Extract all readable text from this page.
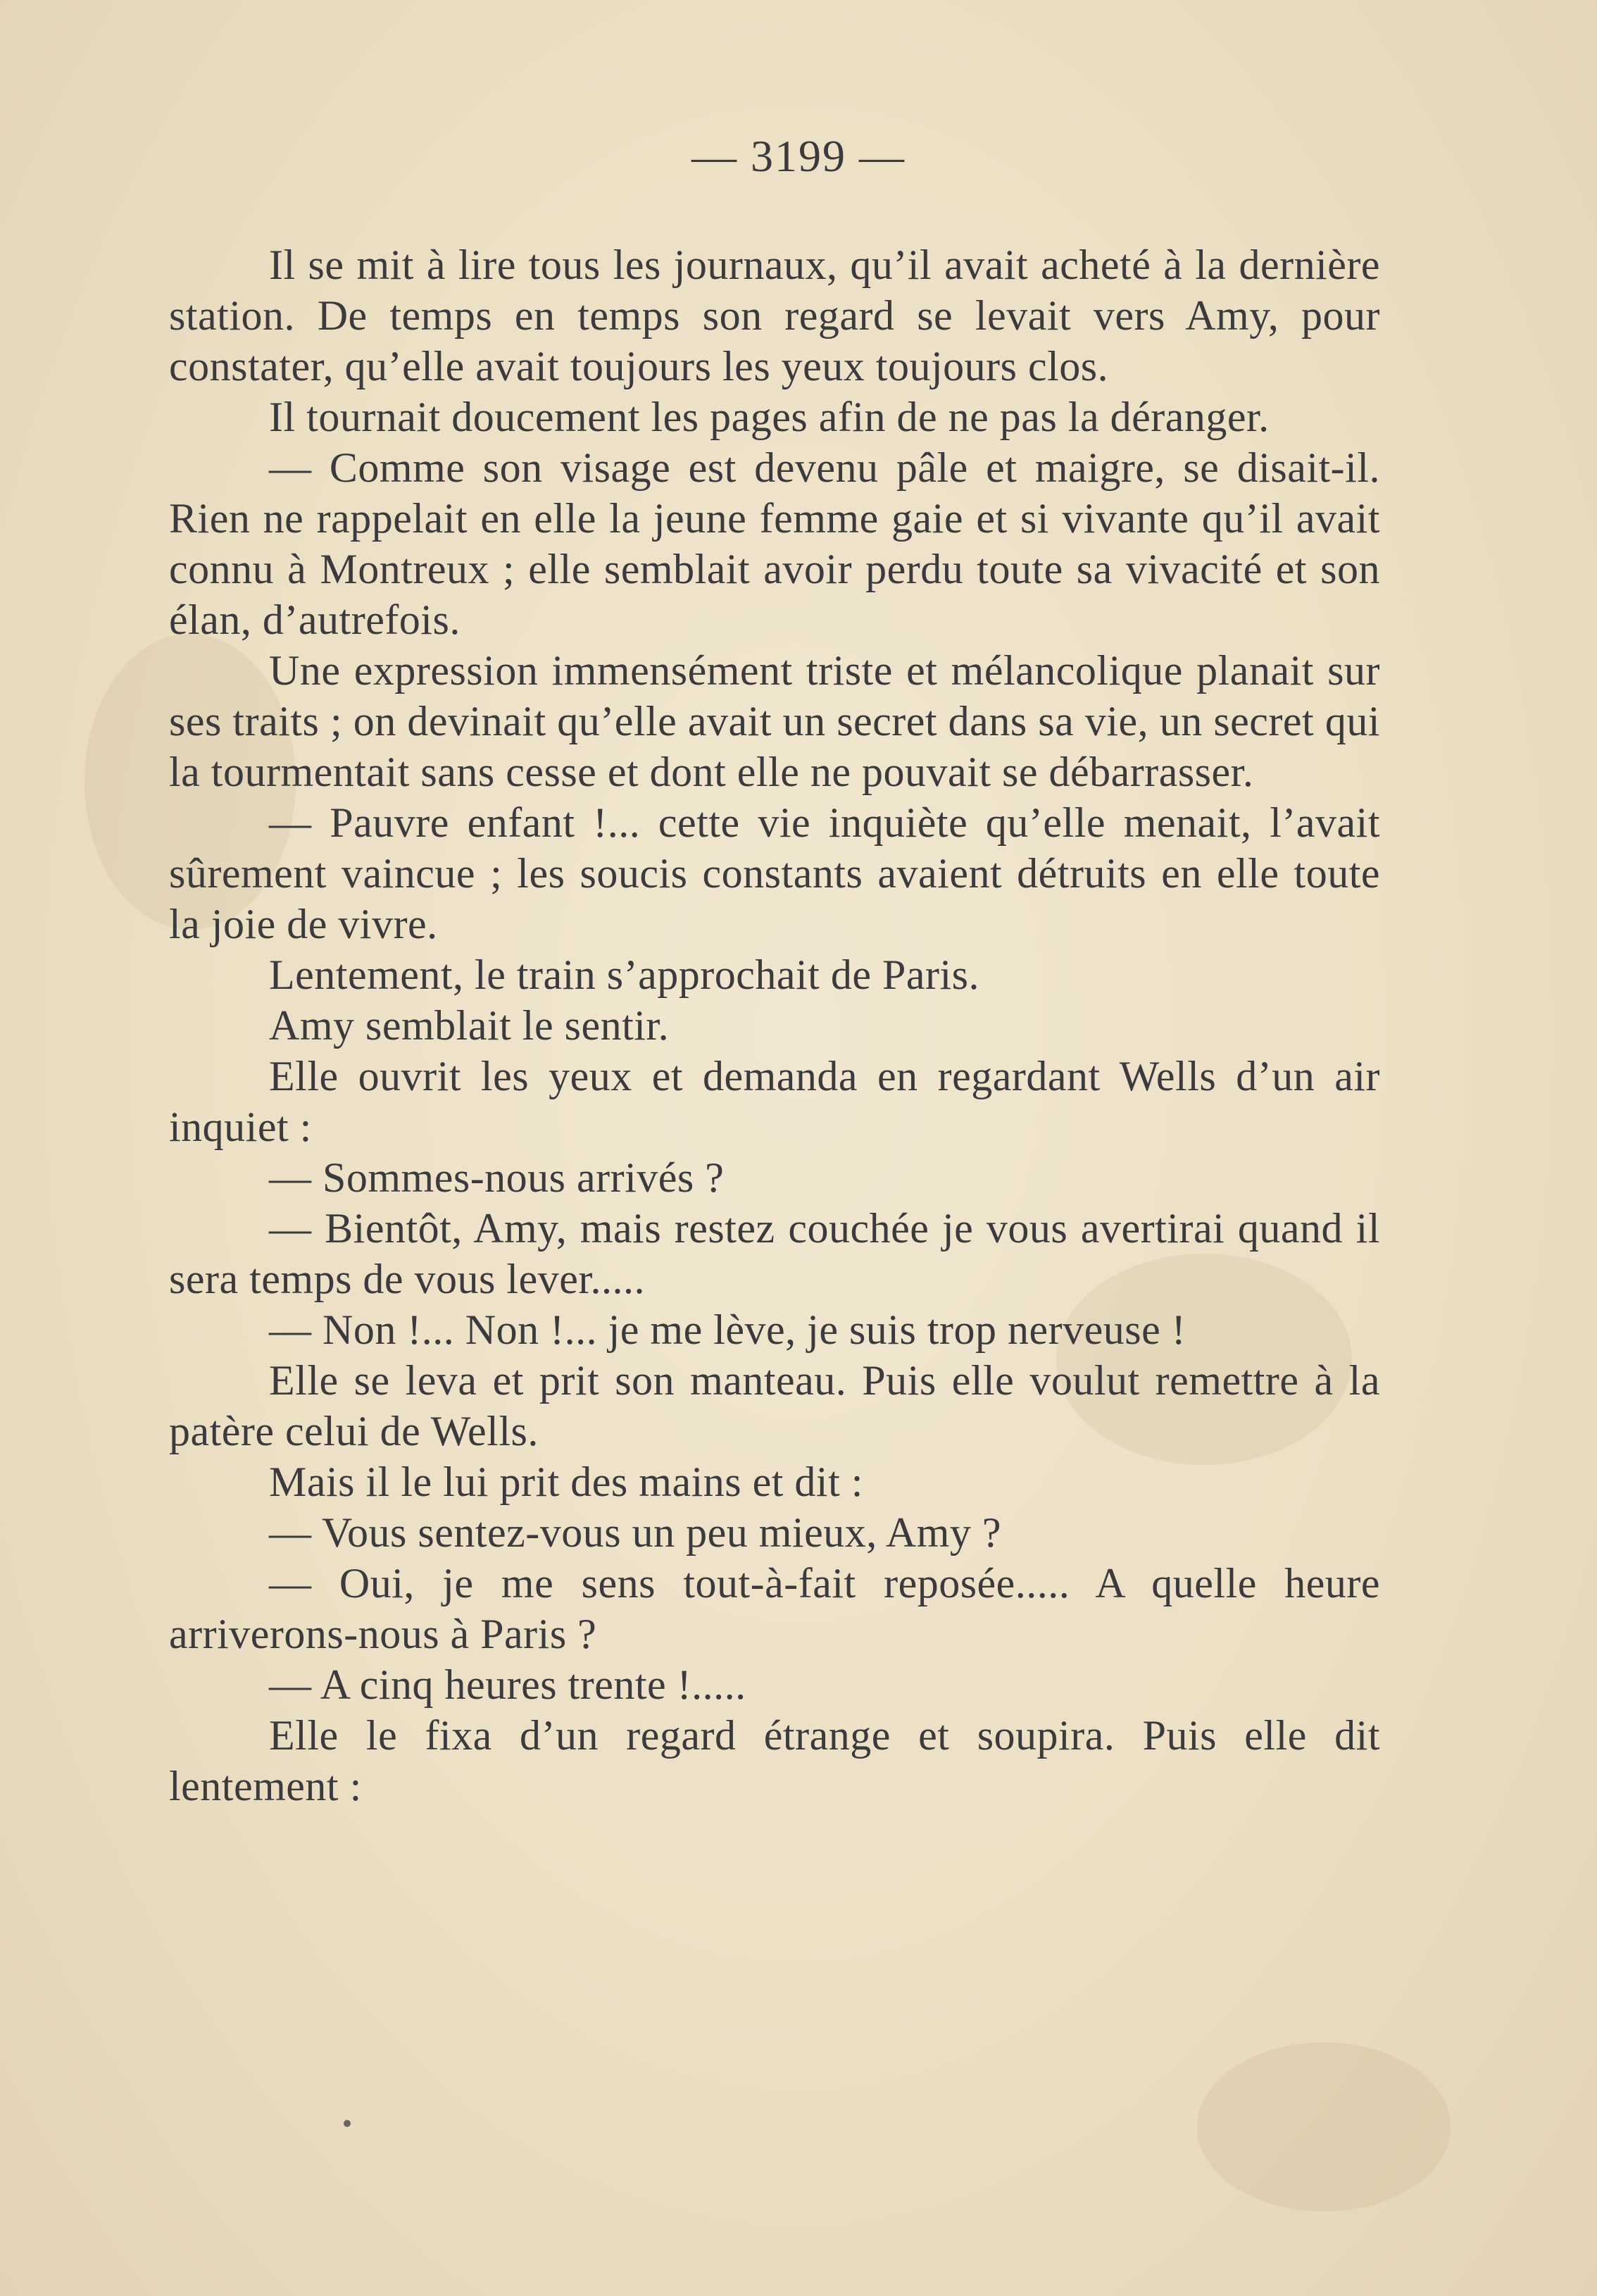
— 3199 —

Il se mit à lire tous les journaux, qu’il avait acheté à la dernière station. De temps en temps son regard se levait vers Amy, pour constater, qu’elle avait toujours les yeux toujours clos.

Il tournait doucement les pages afin de ne pas la déranger.

— Comme son visage est devenu pâle et maigre, se disait-il. Rien ne rappelait en elle la jeune femme gaie et si vivante qu’il avait connu à Montreux ; elle semblait avoir perdu toute sa vivacité et son élan, d’autrefois.

Une expression immensément triste et mélancolique planait sur ses traits ; on devinait qu’elle avait un secret dans sa vie, un secret qui la tourmentait sans cesse et dont elle ne pouvait se débarrasser.

— Pauvre enfant !... cette vie inquiète qu’elle menait, l’avait sûrement vaincue ; les soucis constants avaient détruits en elle toute la joie de vivre.

Lentement, le train s’approchait de Paris.

Amy semblait le sentir.

Elle ouvrit les yeux et demanda en regardant Wells d’un air inquiet :

— Sommes-nous arrivés ?

— Bientôt, Amy, mais restez couchée je vous avertirai quand il sera temps de vous lever.....

— Non !... Non !... je me lève, je suis trop nerveuse !

Elle se leva et prit son manteau. Puis elle voulut remettre à la patère celui de Wells.

Mais il le lui prit des mains et dit :

— Vous sentez-vous un peu mieux, Amy ?

— Oui, je me sens tout-à-fait reposée..... A quelle heure arriverons-nous à Paris ?

— A cinq heures trente !.....

Elle le fixa d’un regard étrange et soupira. Puis elle dit lentement :
